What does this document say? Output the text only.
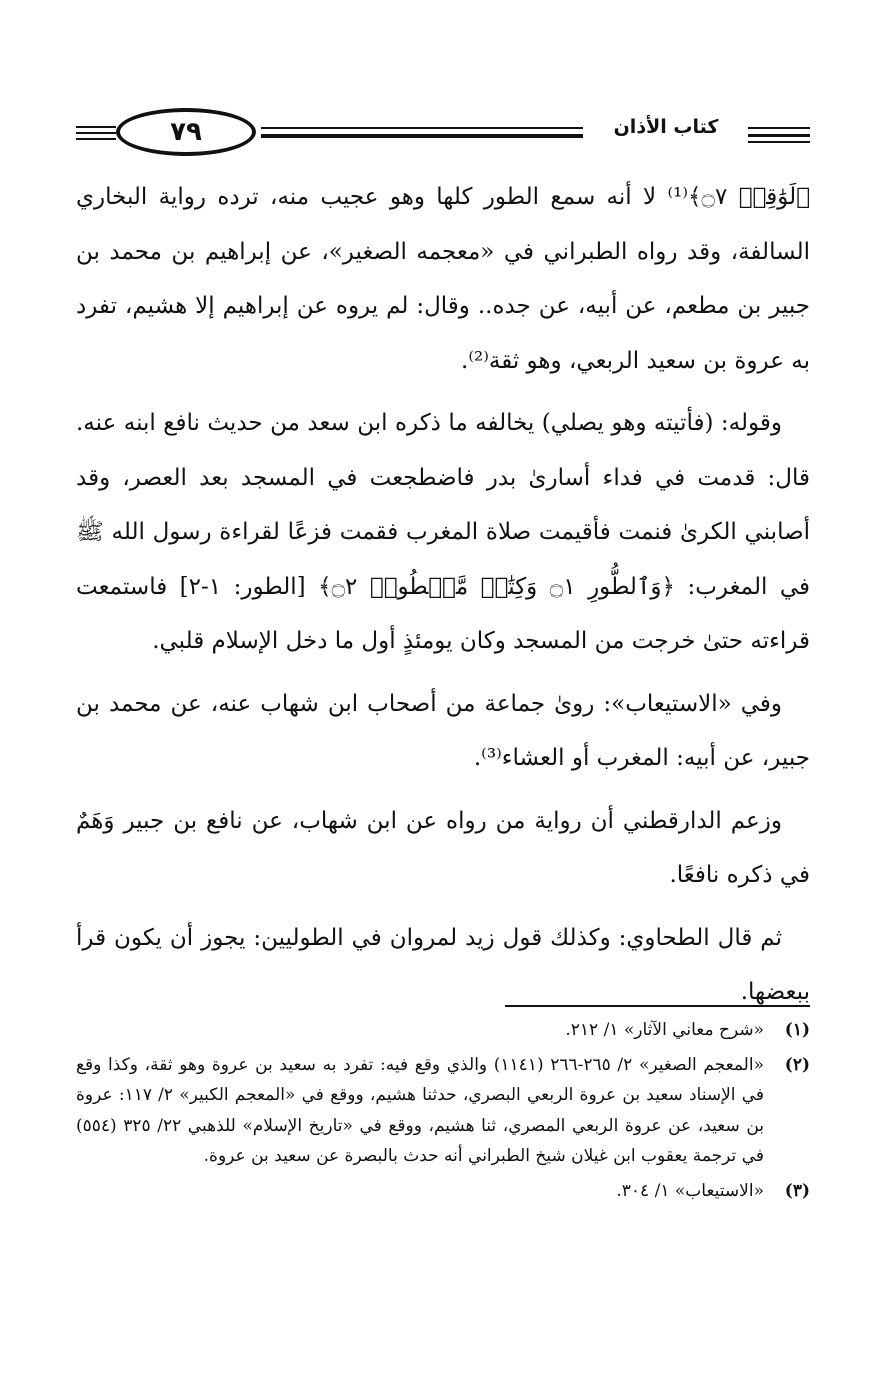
٧٩	كتاب الأذان

﴿لَوَٰقِعٞ ۝٧﴾⁽¹⁾ لا أنه سمع الطور كلها وهو عجيب منه، ترده رواية البخاري السالفة، وقد رواه الطبراني في «معجمه الصغير»، عن إبراهيم بن محمد بن جبير بن مطعم، عن أبيه، عن جده.. وقال: لم يروه عن إبراهيم إلا هشيم، تفرد به عروة بن سعيد الربعي، وهو ثقة⁽²⁾.

وقوله: (فأتيته وهو يصلي) يخالفه ما ذكره ابن سعد من حديث نافع ابنه عنه. قال: قدمت في فداء أسارىٰ بدر فاضطجعت في المسجد بعد العصر، وقد أصابني الكرىٰ فنمت فأقيمت صلاة المغرب فقمت فزعًا لقراءة رسول الله ﷺ في المغرب: ﴿وَٱلطُّورِ ۝١ وَكِتَٰبٖ مَّسۡطُورٖ ۝٢﴾ [الطور: ١-٢] فاستمعت قراءته حتىٰ خرجت من المسجد وكان يومئذٍ أول ما دخل الإسلام قلبي.

وفي «الاستيعاب»: روىٰ جماعة من أصحاب ابن شهاب عنه، عن محمد بن جبير، عن أبيه: المغرب أو العشاء⁽³⁾.

وزعم الدارقطني أن رواية من رواه عن ابن شهاب، عن نافع بن جبير وَهَمٌ في ذكره نافعًا.

ثم قال الطحاوي: وكذلك قول زيد لمروان في الطوليين: يجوز أن يكون قرأ ببعضها.

(١)
«شرح معاني الآثار» ١/ ٢١٢.
(٢)
«المعجم الصغير» ٢/ ٢٦٥-٢٦٦ (١١٤١) والذي وقع فيه: تفرد به سعيد بن عروة وهو ثقة، وكذا وقع في الإسناد سعيد بن عروة الربعي البصري، حدثنا هشيم، ووقع في «المعجم الكبير» ٢/ ١١٧: عروة بن سعيد، عن عروة الربعي المصري، ثنا هشيم، ووقع في «تاريخ الإسلام» للذهبي ٢٢/ ٣٢٥ (٥٥٤) في ترجمة يعقوب ابن غيلان شيخ الطبراني أنه حدث بالبصرة عن سعيد بن عروة.
(٣)
«الاستيعاب» ١/ ٣٠٤.
